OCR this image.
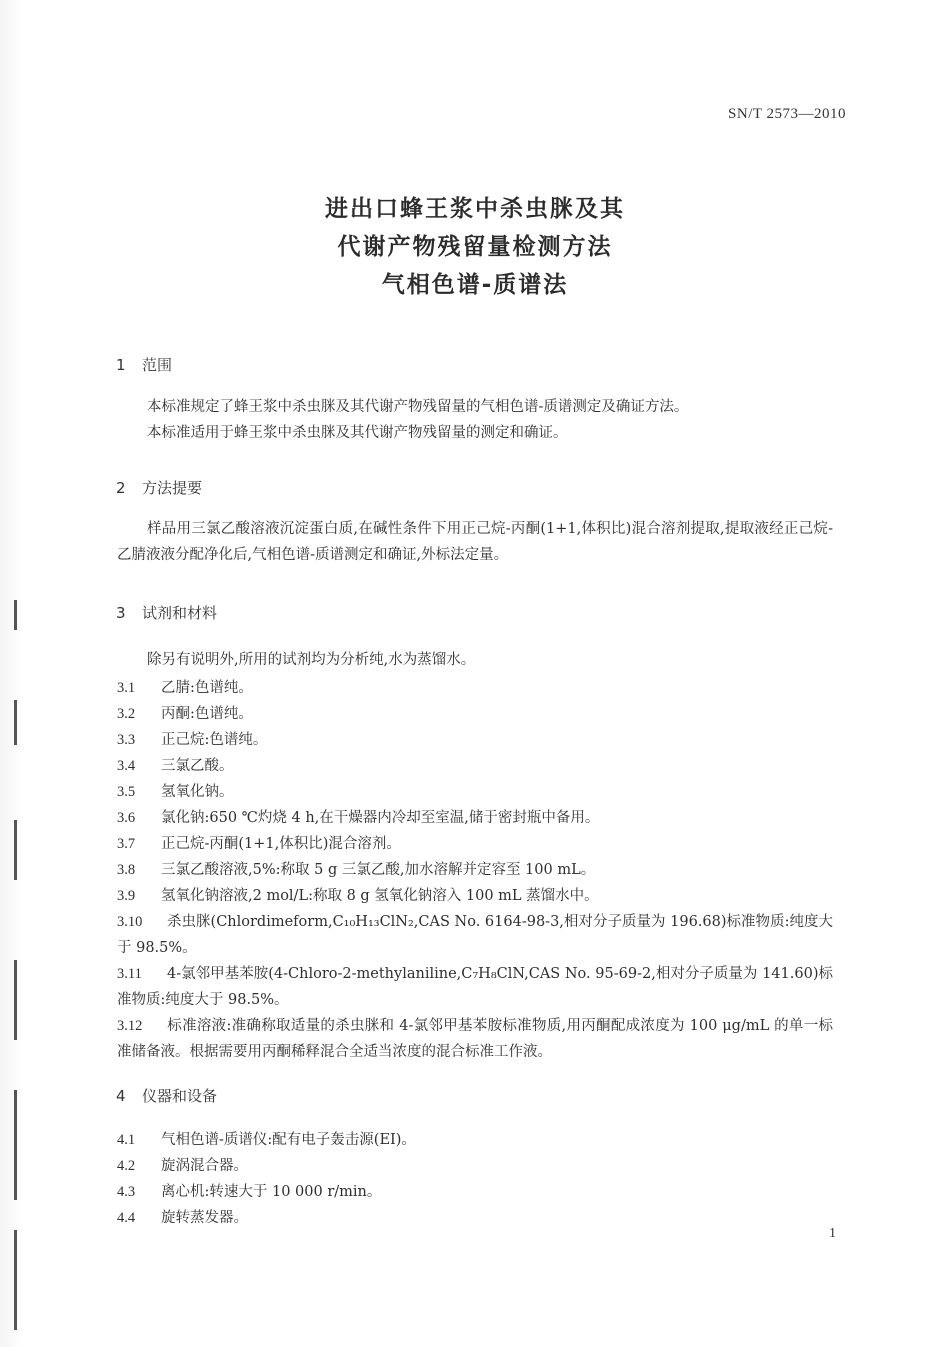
SN/T 2573—2010
进出口蜂王浆中杀虫脒及其
代谢产物残留量检测方法
气相色谱-质谱法
1 范围
本标准规定了蜂王浆中杀虫脒及其代谢产物残留量的气相色谱-质谱测定及确证方法。
本标准适用于蜂王浆中杀虫脒及其代谢产物残留量的测定和确证。
2 方法提要
样品用三氯乙酸溶液沉淀蛋白质,在碱性条件下用正己烷-丙酮(1+1,体积比)混合溶剂提取,提取液经正己烷-乙腈液液分配净化后,气相色谱-质谱测定和确证,外标法定量。
3 试剂和材料
除另有说明外,所用的试剂均为分析纯,水为蒸馏水。
3.1 乙腈:色谱纯。
3.2 丙酮:色谱纯。
3.3 正己烷:色谱纯。
3.4 三氯乙酸。
3.5 氢氧化钠。
3.6 氯化钠:650 ℃灼烧 4 h,在干燥器内冷却至室温,储于密封瓶中备用。
3.7 正己烷-丙酮(1+1,体积比)混合溶剂。
3.8 三氯乙酸溶液,5%:称取 5 g 三氯乙酸,加水溶解并定容至 100 mL。
3.9 氢氧化钠溶液,2 mol/L:称取 8 g 氢氧化钠溶入 100 mL 蒸馏水中。
3.10 杀虫脒(Chlordimeform,C₁₀H₁₃ClN₂,CAS No. 6164-98-3,相对分子质量为 196.68)标准物质:纯度大于 98.5%。
3.11 4-氯邻甲基苯胺(4-Chloro-2-methylaniline,C₇H₈ClN,CAS No. 95-69-2,相对分子质量为 141.60)标准物质:纯度大于 98.5%。
3.12 标准溶液:准确称取适量的杀虫脒和 4-氯邻甲基苯胺标准物质,用丙酮配成浓度为 100 μg/mL 的单一标准储备液。根据需要用丙酮稀释混合全适当浓度的混合标准工作液。
4 仪器和设备
4.1 气相色谱-质谱仪:配有电子轰击源(EI)。
4.2 旋涡混合器。
4.3 离心机:转速大于 10 000 r/min。
4.4 旋转蒸发器。
1
